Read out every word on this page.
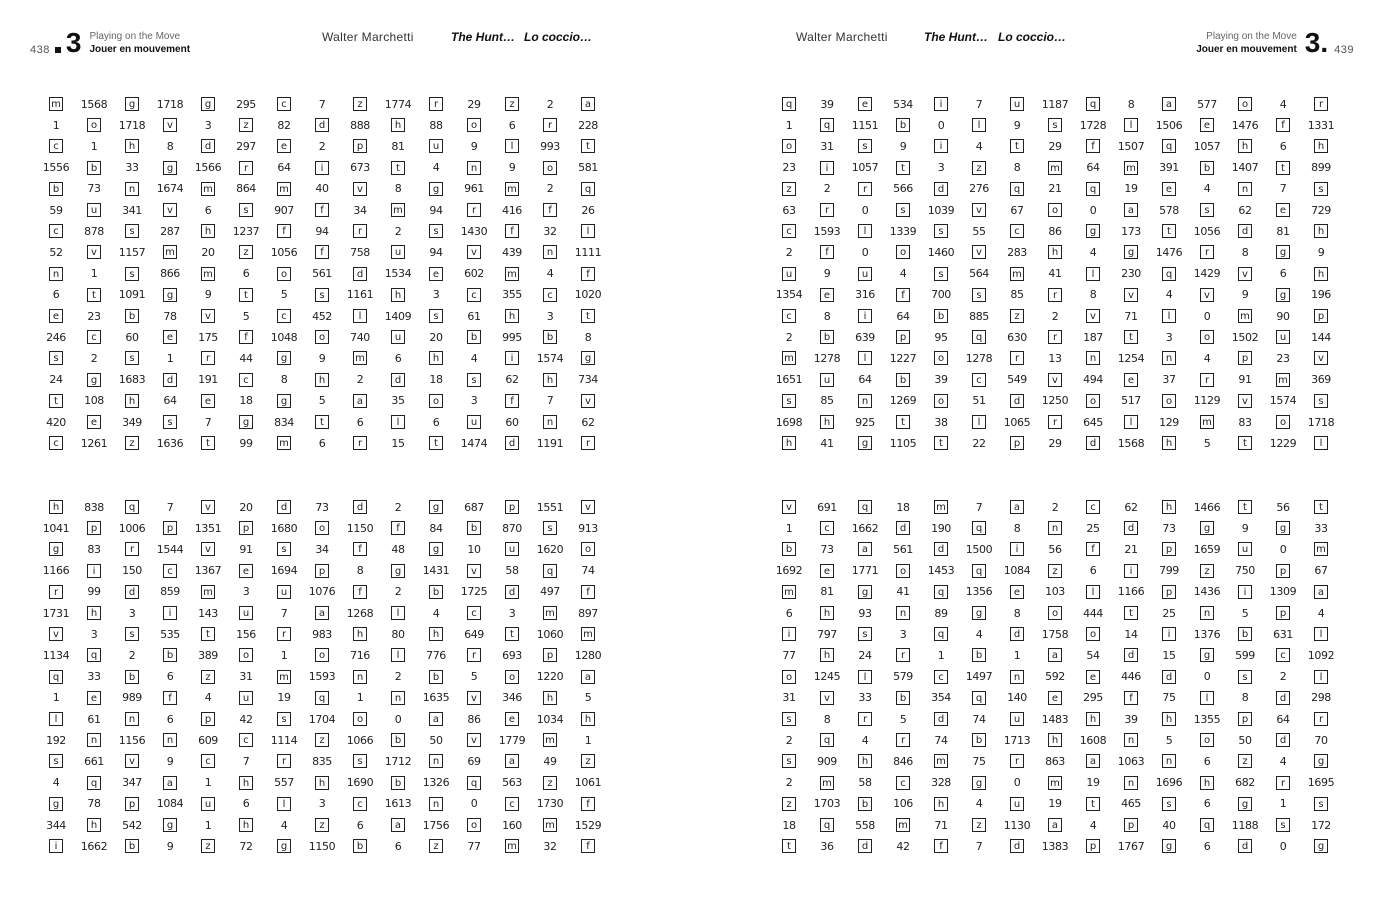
438 3 Playing on the Move
Jouer en mouvement
Walter Marchetti	The Hunt… Lo coccio…
m	1568	g	1718	g	295	c	7	z	1774	r	29	z	2	a
1	o	1718	v	3	z	82	d	888	h	88	o	6	r	228
c	1	h	8	d	297	e	2	p	81	u	9	l	993	t
1556	b	33	g	1566	r	64	i	673	t	4	n	9	o	581
b	73	n	1674	m	864	m	40	v	8	g	961	m	2	q
59	u	341	v	6	s	907	f	34	m	94	r	416	f	26
c	878	s	287	h	1237	f	94	r	2	s	1430	f	32	l
52	v	1157	m	20	z	1056	f	758	u	94	v	439	n	1111
n	1	s	866	m	6	o	561	d	1534	e	602	m	4	f
6	t	1091	g	9	t	5	s	1161	h	3	c	355	c	1020
e	23	b	78	v	5	c	452	l	1409	s	61	h	3	t
246	c	60	e	175	f	1048	o	740	u	20	b	995	b	8
s	2	s	1	r	44	g	9	m	6	h	4	i	1574	g
24	g	1683	d	191	c	8	h	2	d	18	s	62	h	734
t	108	h	64	e	18	g	5	a	35	o	3	f	7	v
420	e	349	s	7	g	834	t	6	l	6	u	60	n	62
c	1261	z	1636	t	99	m	6	r	15	t	1474	d	1191	r
h	838	q	7	v	20	d	73	d	2	g	687	p	1551	v
1041	p	1006	p	1351	p	1680	o	1150	f	84	b	870	s	913
g	83	r	1544	v	91	s	34	f	48	g	10	u	1620	o
1166	i	150	c	1367	e	1694	p	8	g	1431	v	58	q	74
r	99	d	859	m	3	u	1076	f	2	b	1725	d	497	f
1731	h	3	i	143	u	7	a	1268	l	4	c	3	m	897
v	3	s	535	t	156	r	983	h	80	h	649	t	1060	m
1134	q	2	b	389	o	1	o	716	l	776	r	693	p	1280
q	33	b	6	z	31	m	1593	n	2	b	5	o	1220	a
1	e	989	f	4	u	19	q	1	n	1635	v	346	h	5
l	61	n	6	p	42	s	1704	o	0	a	86	e	1034	h
192	n	1156	n	609	c	1114	z	1066	b	50	v	1779	m	1
s	661	v	9	c	7	r	835	s	1712	n	69	a	49	z
4	q	347	a	1	h	557	h	1690	b	1326	q	563	z	1061
g	78	p	1084	u	6	l	3	c	1613	n	0	c	1730	f
344	h	542	g	1	h	4	z	6	a	1756	o	160	m	1529
i	1662	b	9	z	72	g	1150	b	6	z	77	m	32	f
Walter Marchetti	The Hunt… Lo coccio…	Playing on the Move
Jouer en mouvement 3. 439
q	39	e	534	i	7	u	1187	q	8	a	577	o	4	r
1	q	1151	b	0	l	9	s	1728	l	1506	e	1476	f	1331
o	31	s	9	i	4	t	29	f	1507	q	1057	h	6	h
23	i	1057	t	3	z	8	m	64	m	391	b	1407	t	899
z	2	r	566	d	276	q	21	q	19	e	4	n	7	s
63	r	0	s	1039	v	67	o	0	a	578	s	62	e	729
c	1593	l	1339	s	55	c	86	g	173	t	1056	d	81	h
2	f	0	o	1460	v	283	h	4	g	1476	r	8	g	9
u	9	u	4	s	564	m	41	l	230	q	1429	v	6	h
1354	e	316	f	700	s	85	r	8	v	4	v	9	g	196
c	8	i	64	b	885	z	2	v	71	l	0	m	90	p
2	b	639	p	95	q	630	r	187	t	3	o	1502	u	144
m	1278	l	1227	o	1278	r	13	n	1254	n	4	p	23	v
1651	u	64	b	39	c	549	v	494	e	37	r	91	m	369
s	85	n	1269	o	51	d	1250	o	517	o	1129	v	1574	s
1698	h	925	t	38	l	1065	r	645	l	129	m	83	o	1718
h	41	g	1105	t	22	p	29	d	1568	h	5	t	1229	l
v	691	q	18	m	7	a	2	c	62	h	1466	t	56	t
1	c	1662	d	190	q	8	n	25	d	73	g	9	g	33
b	73	a	561	d	1500	i	56	f	21	p	1659	u	0	m
1692	e	1771	o	1453	q	1084	z	6	i	799	z	750	p	67
m	81	g	41	q	1356	e	103	l	1166	p	1436	i	1309	a
6	h	93	n	89	g	8	o	444	t	25	n	5	p	4
i	797	s	3	q	4	d	1758	o	14	i	1376	b	631	l
77	h	24	r	1	b	1	a	54	d	15	g	599	c	1092
o	1245	l	579	c	1497	n	592	e	446	d	0	s	2	l
31	v	33	b	354	q	140	e	295	f	75	l	8	d	298
s	8	r	5	d	74	u	1483	h	39	h	1355	p	64	r
2	q	4	r	74	b	1713	h	1608	n	5	o	50	d	70
s	909	h	846	m	75	r	863	a	1063	n	6	z	4	g
2	m	58	c	328	g	0	m	19	n	1696	h	682	r	1695
z	1703	b	106	h	4	u	19	t	465	s	6	g	1	s
18	q	558	m	71	z	1130	a	4	p	40	q	1188	s	172
t	36	d	42	f	7	d	1383	p	1767	g	6	d	0	g
